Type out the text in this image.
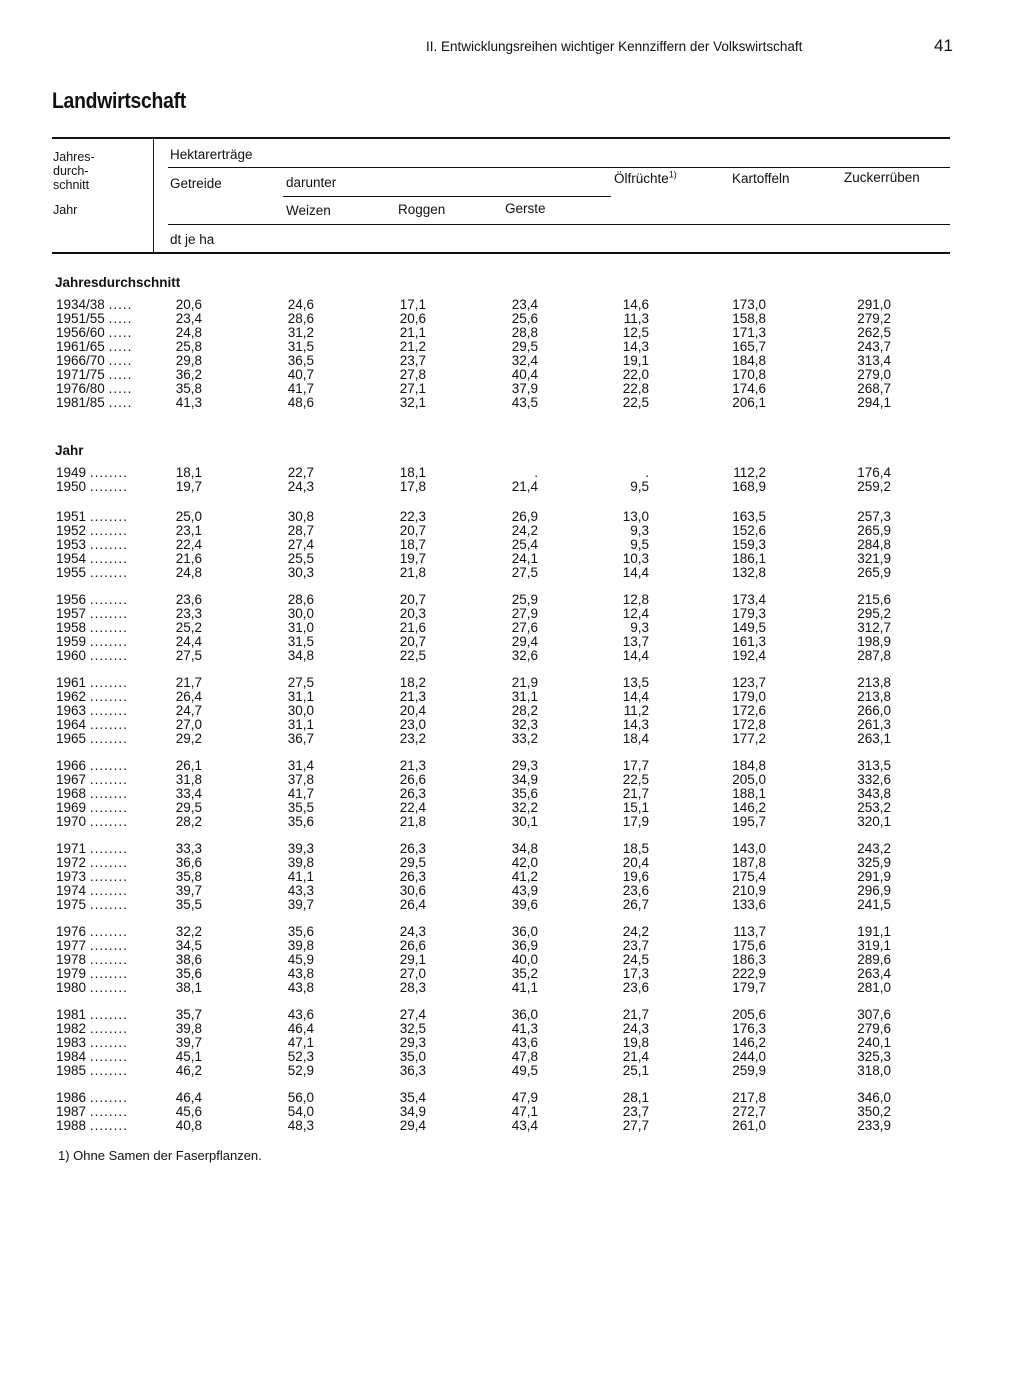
II. Entwicklungsreihen wichtiger Kennziffern der Volkswirtschaft	41
Landwirtschaft
Jahres-
durch-
schnitt
Jahr
Hektarerträge
Getreide	darunter
Weizen	Roggen	Gerste
Ölfrüchte$^{1)}$	Kartoffeln	Zuckerrüben
dt je ha
Jahresdurchschnitt
1934/38 .....	20,6	24,6	17,1	23,4	14,6	173,0	291,0
1951/55 .....	23,4	28,6	20,6	25,6	11,3	158,8	279,2
1956/60 .....	24,8	31,2	21,1	28,8	12,5	171,3	262,5
1961/65 .....	25,8	31,5	21,2	29,5	14,3	165,7	243,7
1966/70 .....	29,8	36,5	23,7	32,4	19,1	184,8	313,4
1971/75 .....	36,2	40,7	27,8	40,4	22,0	170,8	279,0
1976/80 .....	35,8	41,7	27,1	37,9	22,8	174,6	268,7
1981/85 .....	41,3	48,6	32,1	43,5	22,5	206,1	294,1
Jahr
1949 ........	18,1	22,7	18,1	.	.	112,2	176,4
1950 ........	19,7	24,3	17,8	21,4	9,5	168,9	259,2
1951 ........	25,0	30,8	22,3	26,9	13,0	163,5	257,3
1952 ........	23,1	28,7	20,7	24,2	9,3	152,6	265,9
1953 ........	22,4	27,4	18,7	25,4	9,5	159,3	284,8
1954 ........	21,6	25,5	19,7	24,1	10,3	186,1	321,9
1955 ........	24,8	30,3	21,8	27,5	14,4	132,8	265,9
1956 ........	23,6	28,6	20,7	25,9	12,8	173,4	215,6
1957 ........	23,3	30,0	20,3	27,9	12,4	179,3	295,2
1958 ........	25,2	31,0	21,6	27,6	9,3	149,5	312,7
1959 ........	24,4	31,5	20,7	29,4	13,7	161,3	198,9
1960 ........	27,5	34,8	22,5	32,6	14,4	192,4	287,8
1961 ........	21,7	27,5	18,2	21,9	13,5	123,7	213,8
1962 ........	26,4	31,1	21,3	31,1	14,4	179,0	213,8
1963 ........	24,7	30,0	20,4	28,2	11,2	172,6	266,0
1964 ........	27,0	31,1	23,0	32,3	14,3	172,8	261,3
1965 ........	29,2	36,7	23,2	33,2	18,4	177,2	263,1
1966 ........	26,1	31,4	21,3	29,3	17,7	184,8	313,5
1967 ........	31,8	37,8	26,6	34,9	22,5	205,0	332,6
1968 ........	33,4	41,7	26,3	35,6	21,7	188,1	343,8
1969 ........	29,5	35,5	22,4	32,2	15,1	146,2	253,2
1970 ........	28,2	35,6	21,8	30,1	17,9	195,7	320,1
1971 ........	33,3	39,3	26,3	34,8	18,5	143,0	243,2
1972 ........	36,6	39,8	29,5	42,0	20,4	187,8	325,9
1973 ........	35,8	41,1	26,3	41,2	19,6	175,4	291,9
1974 ........	39,7	43,3	30,6	43,9	23,6	210,9	296,9
1975 ........	35,5	39,7	26,4	39,6	26,7	133,6	241,5
1976 ........	32,2	35,6	24,3	36,0	24,2	113,7	191,1
1977 ........	34,5	39,8	26,6	36,9	23,7	175,6	319,1
1978 ........	38,6	45,9	29,1	40,0	24,5	186,3	289,6
1979 ........	35,6	43,8	27,0	35,2	17,3	222,9	263,4
1980 ........	38,1	43,8	28,3	41,1	23,6	179,7	281,0
1981 ........	35,7	43,6	27,4	36,0	21,7	205,6	307,6
1982 ........	39,8	46,4	32,5	41,3	24,3	176,3	279,6
1983 ........	39,7	47,1	29,3	43,6	19,8	146,2	240,1
1984 ........	45,1	52,3	35,0	47,8	21,4	244,0	325,3
1985 ........	46,2	52,9	36,3	49,5	25,1	259,9	318,0
1986 ........	46,4	56,0	35,4	47,9	28,1	217,8	346,0
1987 ........	45,6	54,0	34,9	47,1	23,7	272,7	350,2
1988 ........	40,8	48,3	29,4	43,4	27,7	261,0	233,9
1) Ohne Samen der Faserpflanzen.
